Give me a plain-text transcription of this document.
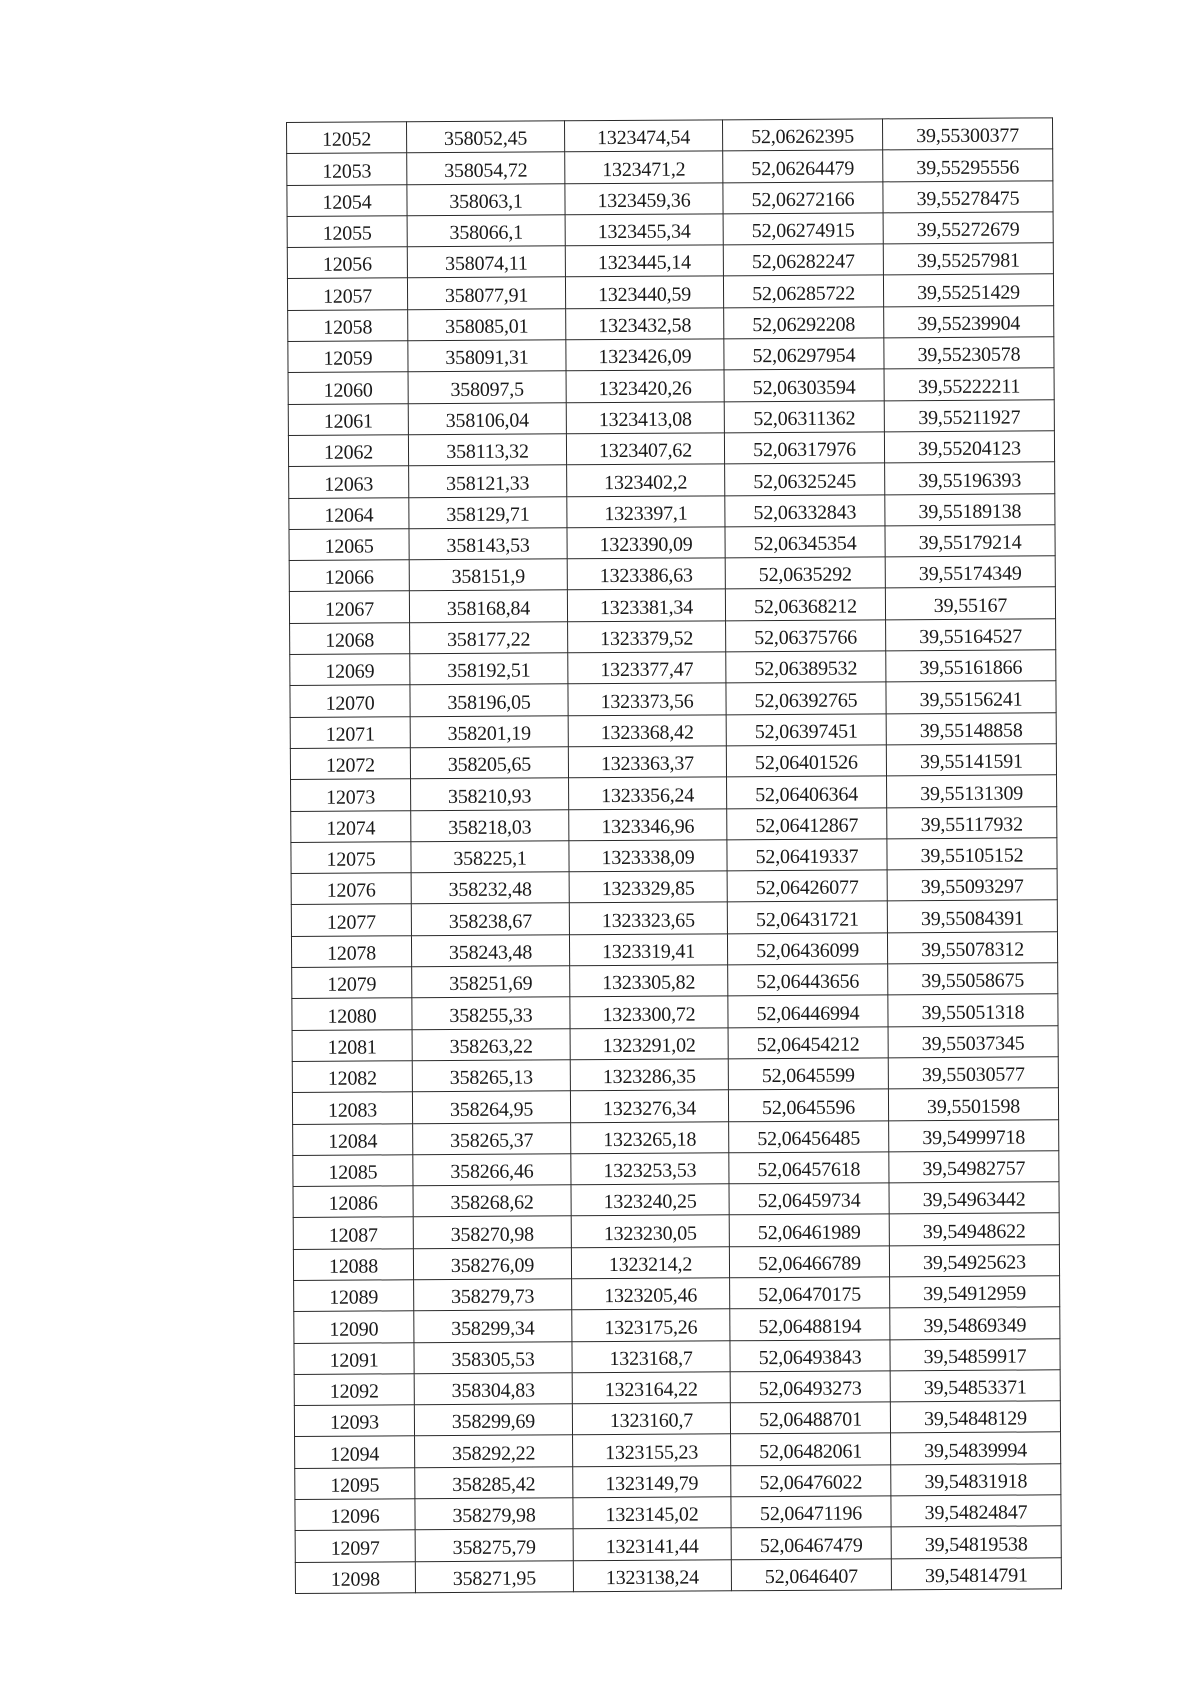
12052	358052,45	1323474,54	52,06262395	39,55300377
12053	358054,72	1323471,2	52,06264479	39,55295556
12054	358063,1	1323459,36	52,06272166	39,55278475
12055	358066,1	1323455,34	52,06274915	39,55272679
12056	358074,11	1323445,14	52,06282247	39,55257981
12057	358077,91	1323440,59	52,06285722	39,55251429
12058	358085,01	1323432,58	52,06292208	39,55239904
12059	358091,31	1323426,09	52,06297954	39,55230578
12060	358097,5	1323420,26	52,06303594	39,55222211
12061	358106,04	1323413,08	52,06311362	39,55211927
12062	358113,32	1323407,62	52,06317976	39,55204123
12063	358121,33	1323402,2	52,06325245	39,55196393
12064	358129,71	1323397,1	52,06332843	39,55189138
12065	358143,53	1323390,09	52,06345354	39,55179214
12066	358151,9	1323386,63	52,0635292	39,55174349
12067	358168,84	1323381,34	52,06368212	39,55167
12068	358177,22	1323379,52	52,06375766	39,55164527
12069	358192,51	1323377,47	52,06389532	39,55161866
12070	358196,05	1323373,56	52,06392765	39,55156241
12071	358201,19	1323368,42	52,06397451	39,55148858
12072	358205,65	1323363,37	52,06401526	39,55141591
12073	358210,93	1323356,24	52,06406364	39,55131309
12074	358218,03	1323346,96	52,06412867	39,55117932
12075	358225,1	1323338,09	52,06419337	39,55105152
12076	358232,48	1323329,85	52,06426077	39,55093297
12077	358238,67	1323323,65	52,06431721	39,55084391
12078	358243,48	1323319,41	52,06436099	39,55078312
12079	358251,69	1323305,82	52,06443656	39,55058675
12080	358255,33	1323300,72	52,06446994	39,55051318
12081	358263,22	1323291,02	52,06454212	39,55037345
12082	358265,13	1323286,35	52,0645599	39,55030577
12083	358264,95	1323276,34	52,0645596	39,5501598
12084	358265,37	1323265,18	52,06456485	39,54999718
12085	358266,46	1323253,53	52,06457618	39,54982757
12086	358268,62	1323240,25	52,06459734	39,54963442
12087	358270,98	1323230,05	52,06461989	39,54948622
12088	358276,09	1323214,2	52,06466789	39,54925623
12089	358279,73	1323205,46	52,06470175	39,54912959
12090	358299,34	1323175,26	52,06488194	39,54869349
12091	358305,53	1323168,7	52,06493843	39,54859917
12092	358304,83	1323164,22	52,06493273	39,54853371
12093	358299,69	1323160,7	52,06488701	39,54848129
12094	358292,22	1323155,23	52,06482061	39,54839994
12095	358285,42	1323149,79	52,06476022	39,54831918
12096	358279,98	1323145,02	52,06471196	39,54824847
12097	358275,79	1323141,44	52,06467479	39,54819538
12098	358271,95	1323138,24	52,0646407	39,54814791
